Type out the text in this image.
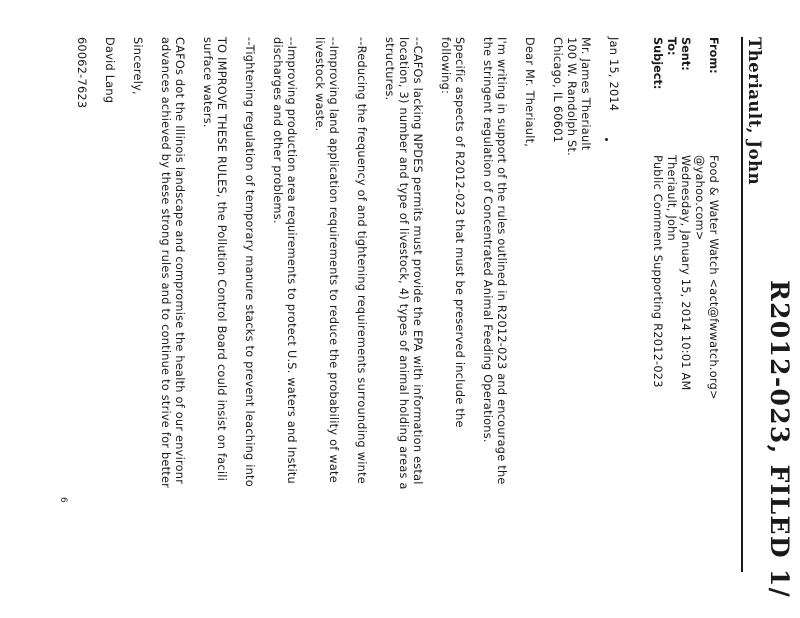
R2012-023, FILED 1/
Theriault, John
From:
Food & Water Watch <act@fwwatch.org>
@yahoo.com>
Sent:
Wednesday, January 15, 2014 10:01 AM
To:
Theriault, John
Subject:
Public Comment Supporting R2012-023
Jan 15, 2014
Mr. James Theriault
100 W. Randolph St.
Chicago, IL 60601
Dear Mr. Theriault,
I'm writing in support of the rules outlined in R2012-023 and encourage the
the stringent regulation of Concentrated Animal Feeding Operations.
Specific aspects of R2012-023 that must be preserved include the
following:
--CAFOs lacking NPDES permits must provide the EPA with information estal
location, 3) number and type of livestock, 4) types of animal holding areas a
structures.
--Reducing the frequency of and tightening requirements surrounding winte
--Improving land application requirements to reduce the probability of wate
livestock waste.
--Improving production area requirements to protect U.S. waters and Institu
discharges and other problems.
--Tightening regulation of temporary manure stacks to prevent leaching into
TO IMPROVE THESE RULES, the Pollution Control Board could insist on facili
surface waters.
CAFOs dot the Illinois landscape and compromise the health of our environr
advances achieved by these strong rules and to continue to strive for better
Sincerely,
David Lang
60062-7623
6
